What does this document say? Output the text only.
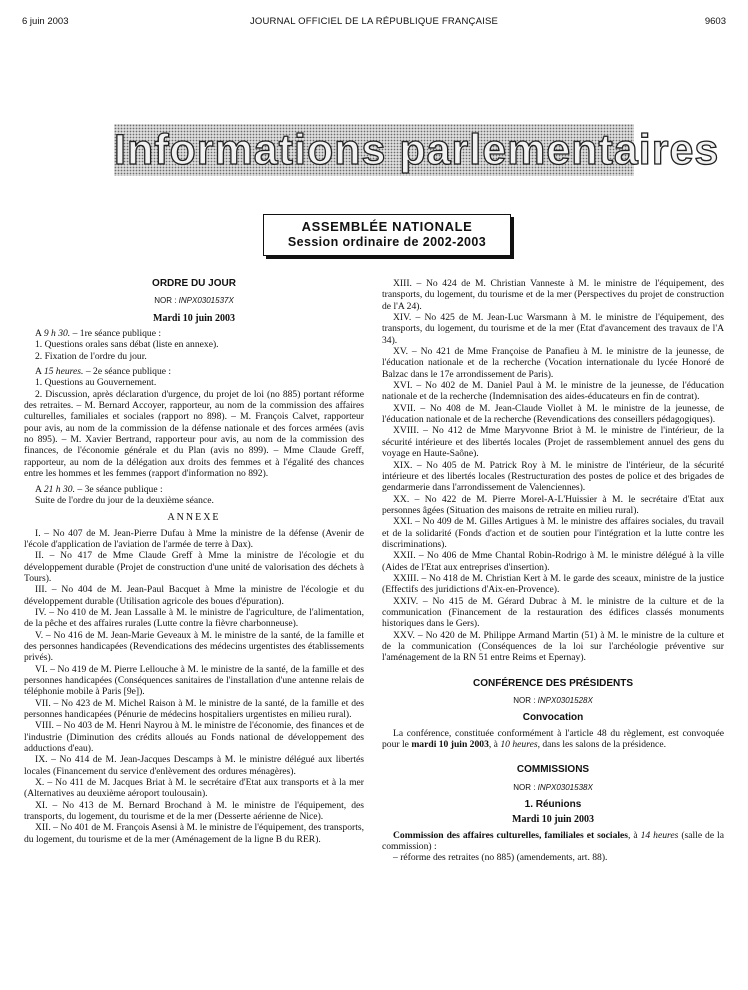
6 juin 2003	JOURNAL OFFICIEL DE LA RÉPUBLIQUE FRANÇAISE	9603
Informations parlementaires
ASSEMBLÉE NATIONALE
Session ordinaire de 2002-2003
ORDRE DU JOUR
NOR : INPX0301537X
Mardi 10 juin 2003

A 9 h 30. – 1re séance publique :

1. Questions orales sans débat (liste en annexe).

2. Fixation de l'ordre du jour.

A 15 heures. – 2e séance publique :

1. Questions au Gouvernement.

2. Discussion, après déclaration d'urgence, du projet de loi (no 885) portant réforme des retraites. – M. Bernard Accoyer, rapporteur, au nom de la commission des affaires culturelles, familiales et sociales (rapport no 898). – M. François Calvet, rapporteur pour avis, au nom de la commission de la défense nationale et des forces armées (avis no 895). – M. Xavier Bertrand, rapporteur pour avis, au nom de la commission des finances, de l'économie générale et du Plan (avis no 899). – Mme Claude Greff, rapporteur, au nom de la délégation aux droits des femmes et à l'égalité des chances entre les hommes et les femmes (rapport d'information no 892).

A 21 h 30. – 3e séance publique :

Suite de l'ordre du jour de la deuxième séance.

ANNEXE

I. – No 407 de M. Jean-Pierre Dufau à Mme la ministre de la défense (Avenir de l'école d'application de l'aviation de l'armée de terre à Dax).

II. – No 417 de Mme Claude Greff à Mme la ministre de l'écologie et du développement durable (Projet de construction d'une unité de valorisation des déchets à Tours).

III. – No 404 de M. Jean-Paul Bacquet à Mme la ministre de l'écologie et du développement durable (Utilisation agricole des boues d'épuration).

IV. – No 410 de M. Jean Lassalle à M. le ministre de l'agriculture, de l'alimentation, de la pêche et des affaires rurales (Lutte contre la fièvre charbonneuse).

V. – No 416 de M. Jean-Marie Geveaux à M. le ministre de la santé, de la famille et des personnes handicapées (Revendications des médecins urgentistes des établissements privés).

VI. – No 419 de M. Pierre Lellouche à M. le ministre de la santé, de la famille et des personnes handicapées (Conséquences sanitaires de l'installation d'une antenne relais de téléphonie mobile à Paris [9e]).

VII. – No 423 de M. Michel Raison à M. le ministre de la santé, de la famille et des personnes handicapées (Pénurie de médecins hospitaliers urgentistes en milieu rural).

VIII. – No 403 de M. Henri Nayrou à M. le ministre de l'économie, des finances et de l'industrie (Diminution des crédits alloués au Fonds national de développement des adductions d'eau).

IX. – No 414 de M. Jean-Jacques Descamps à M. le ministre délégué aux libertés locales (Financement du service d'enlèvement des ordures ménagères).

X. – No 411 de M. Jacques Briat à M. le secrétaire d'Etat aux transports et à la mer (Alternatives au deuxième aéroport toulousain).

XI. – No 413 de M. Bernard Brochand à M. le ministre de l'équipement, des transports, du logement, du tourisme et de la mer (Desserte aérienne de Nice).

XII. – No 401 de M. François Asensi à M. le ministre de l'équipement, des transports, du logement, du tourisme et de la mer (Aménagement de la ligne B du RER).

XIII. – No 424 de M. Christian Vanneste à M. le ministre de l'équipement, des transports, du logement, du tourisme et de la mer (Perspectives du projet de construction de l'A 24).

XIV. – No 425 de M. Jean-Luc Warsmann à M. le ministre de l'équipement, des transports, du logement, du tourisme et de la mer (Etat d'avancement des travaux de l'A 34).

XV. – No 421 de Mme Françoise de Panafieu à M. le ministre de la jeunesse, de l'éducation nationale et de la recherche (Vocation internationale du lycée Honoré de Balzac dans le 17e arrondissement de Paris).

XVI. – No 402 de M. Daniel Paul à M. le ministre de la jeunesse, de l'éducation nationale et de la recherche (Indemnisation des aides-éducateurs en fin de contrat).

XVII. – No 408 de M. Jean-Claude Viollet à M. le ministre de la jeunesse, de l'éducation nationale et de la recherche (Revendications des conseillers pédagogiques).

XVIII. – No 412 de Mme Maryvonne Briot à M. le ministre de l'intérieur, de la sécurité intérieure et des libertés locales (Projet de rassemblement annuel des gens du voyage en Haute-Saône).

XIX. – No 405 de M. Patrick Roy à M. le ministre de l'intérieur, de la sécurité intérieure et des libertés locales (Restructuration des postes de police et des brigades de gendarmerie dans l'arrondissement de Valenciennes).

XX. – No 422 de M. Pierre Morel-A-L'Huissier à M. le secrétaire d'Etat aux personnes âgées (Situation des maisons de retraite en milieu rural).

XXI. – No 409 de M. Gilles Artigues à M. le ministre des affaires sociales, du travail et de la solidarité (Fonds d'action et de soutien pour l'intégration et la lutte contre les discriminations).

XXII. – No 406 de Mme Chantal Robin-Rodrigo à M. le ministre délégué à la ville (Aides de l'Etat aux entreprises d'insertion).

XXIII. – No 418 de M. Christian Kert à M. le garde des sceaux, ministre de la justice (Effectifs des juridictions d'Aix-en-Provence).

XXIV. – No 415 de M. Gérard Dubrac à M. le ministre de la culture et de la communication (Financement de la restauration des édifices classés monuments historiques dans le Gers).

XXV. – No 420 de M. Philippe Armand Martin (51) à M. le ministre de la culture et de la communication (Conséquences de la loi sur l'archéologie préventive sur l'aménagement de la RN 51 entre Reims et Epernay).

CONFÉRENCE DES PRÉSIDENTS
NOR : INPX0301528X
Convocation

La conférence, constituée conformément à l'article 48 du règlement, est convoquée pour le mardi 10 juin 2003, à 10 heures, dans les salons de la présidence.

COMMISSIONS
NOR : INPX0301538X
1. Réunions
Mardi 10 juin 2003

Commission des affaires culturelles, familiales et sociales, à 14 heures (salle de la commission) :

– réforme des retraites (no 885) (amendements, art. 88).
